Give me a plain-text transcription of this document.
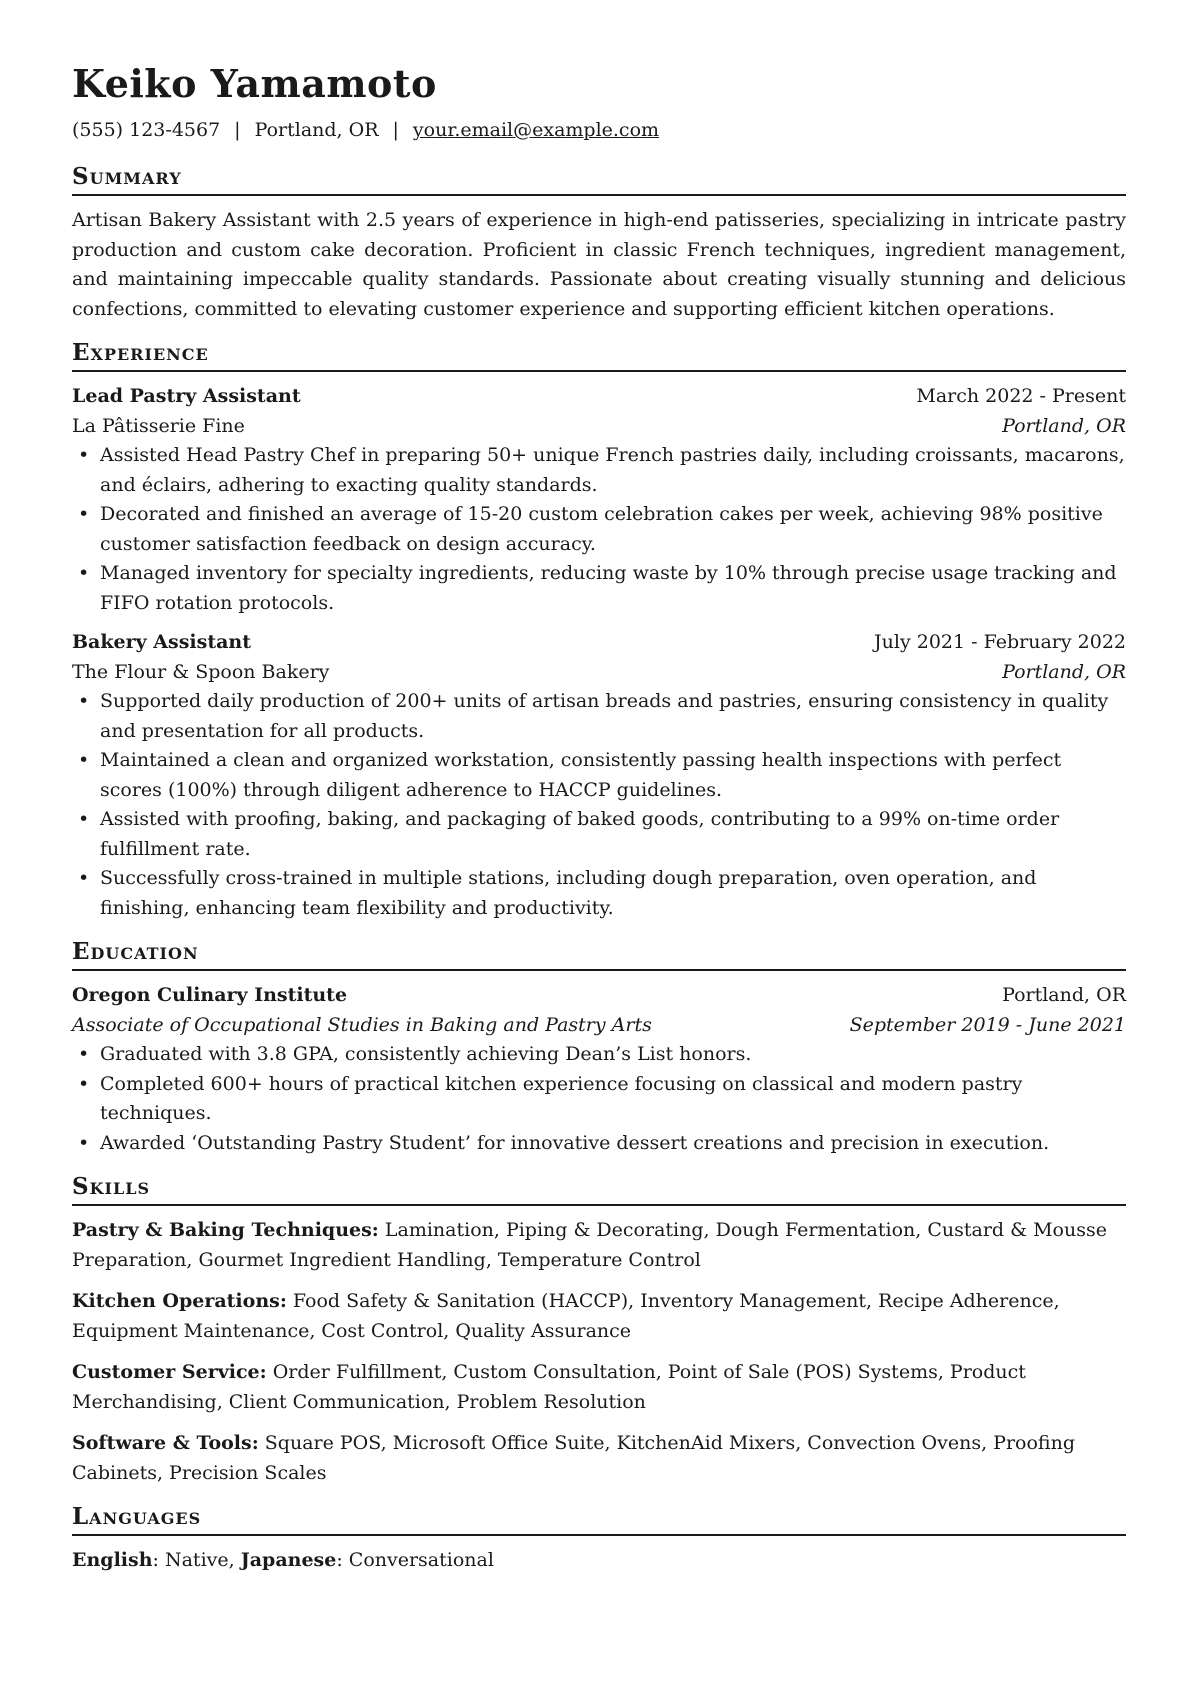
Keiko Yamamoto
(555) 123-4567 | Portland, OR | your.email@example.com
Summary
Artisan Bakery Assistant with 2.5 years of experience in high-end patisseries, specializing in intricate pastry production and custom cake decoration. Proficient in classic French techniques, ingredient management, and maintaining impeccable quality standards. Passionate about creating visually stunning and delicious confections, committed to elevating customer experience and supporting efficient kitchen operations.
Experience
Lead Pastry Assistant	March 2022 - Present
La Pâtisserie Fine	Portland, OR
• Assisted Head Pastry Chef in preparing 50+ unique French pastries daily, including croissants, macarons, and éclairs, adhering to exacting quality standards.
• Decorated and finished an average of 15-20 custom celebration cakes per week, achieving 98% positive customer satisfaction feedback on design accuracy.
• Managed inventory for specialty ingredients, reducing waste by 10% through precise usage tracking and FIFO rotation protocols.
Bakery Assistant	July 2021 - February 2022
The Flour & Spoon Bakery	Portland, OR
• Supported daily production of 200+ units of artisan breads and pastries, ensuring consistency in quality and presentation for all products.
• Maintained a clean and organized workstation, consistently passing health inspections with perfect scores (100%) through diligent adherence to HACCP guidelines.
• Assisted with proofing, baking, and packaging of baked goods, contributing to a 99% on-time order fulfillment rate.
• Successfully cross-trained in multiple stations, including dough preparation, oven operation, and finishing, enhancing team flexibility and productivity.
Education
Oregon Culinary Institute	Portland, OR
Associate of Occupational Studies in Baking and Pastry Arts	September 2019 - June 2021
• Graduated with 3.8 GPA, consistently achieving Dean’s List honors.
• Completed 600+ hours of practical kitchen experience focusing on classical and modern pastry techniques.
• Awarded ‘Outstanding Pastry Student’ for innovative dessert creations and precision in execution.
Skills
Pastry & Baking Techniques: Lamination, Piping & Decorating, Dough Fermentation, Custard & Mousse Preparation, Gourmet Ingredient Handling, Temperature Control
Kitchen Operations: Food Safety & Sanitation (HACCP), Inventory Management, Recipe Adherence, Equipment Maintenance, Cost Control, Quality Assurance
Customer Service: Order Fulfillment, Custom Consultation, Point of Sale (POS) Systems, Product Merchandising, Client Communication, Problem Resolution
Software & Tools: Square POS, Microsoft Office Suite, KitchenAid Mixers, Convection Ovens, Proofing Cabinets, Precision Scales
Languages
English: Native, Japanese: Conversational
